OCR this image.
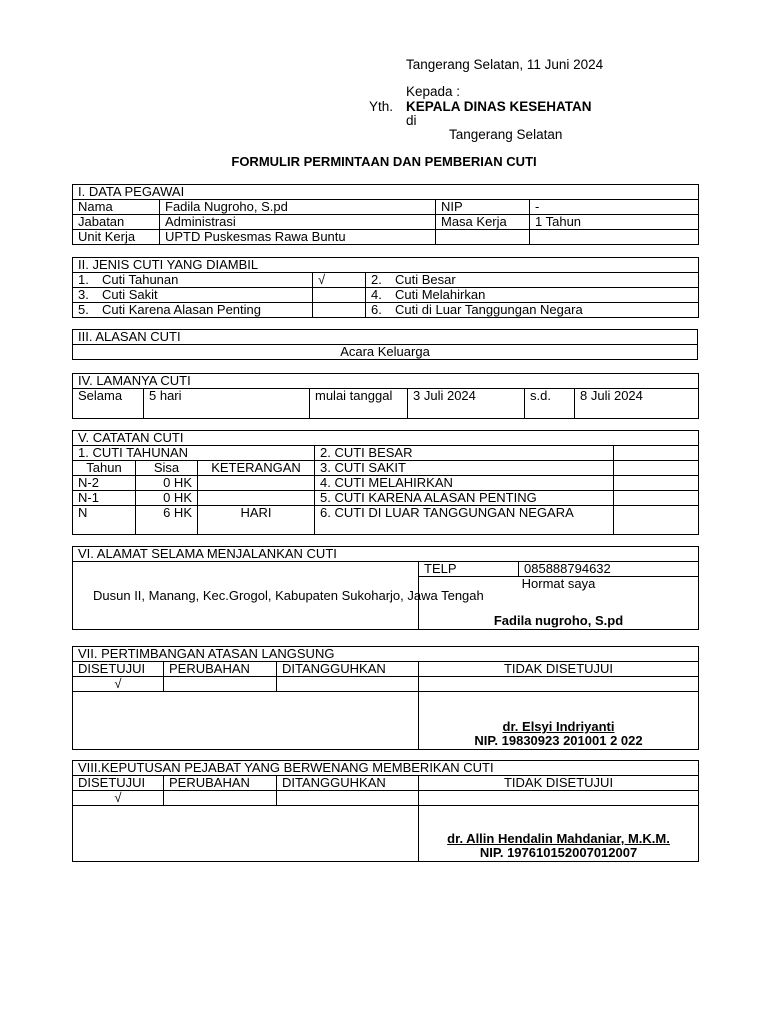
Tangerang Selatan, 11 Juni 2024
Kepada :
Yth. KEPALA DINAS KESEHATAN
di
Tangerang Selatan
FORMULIR PERMINTAAN DAN PEMBERIAN CUTI
I. DATA PEGAWAI			
Nama	Fadila Nugroho, S.pd	NIP	-
Jabatan	Administrasi	Masa Kerja	1 Tahun
Unit Kerja	UPTD Puskesmas Rawa Buntu		
II. JENIS CUTI YANG DIAMBIL		
1. Cuti Tahunan	√	2. Cuti Besar
3. Cuti Sakit		4. Cuti Melahirkan
5. Cuti Karena Alasan Penting		6. Cuti di Luar Tanggungan Negara
III. ALASAN CUTI
Acara Keluarga
IV. LAMANYA CUTI
Selama	5 hari	mulai tanggal	3 Juli 2024	s.d.	8 Juli 2024
V. CATATAN CUTI				
1. CUTI TAHUNAN			2. CUTI BESAR	
Tahun	Sisa	KETERANGAN	3. CUTI SAKIT	
N-2	0 HK		4. CUTI MELAHIRKAN	
N-1	0 HK		5. CUTI KARENA ALASAN PENTING	
N	6 HK	HARI	6. CUTI DI LUAR TANGGUNGAN NEGARA	
VI. ALAMAT SELAMA MENJALANKAN CUTI
Dusun II, Manang, Kec.Grogol, Kabupaten Sukoharjo, Jawa Tengah	TELP	085888794632

Hormat saya
Fadila nugroho, S.pd
VII. PERTIMBANGAN ATASAN LANGSUNG			
DISETUJUI	PERUBAHAN	DITANGGUHKAN	TIDAK DISETUJUI
√			

			dr. Elsyi Indriyanti
NIP. 19830923 201001 2 022
VIII.KEPUTUSAN PEJABAT YANG BERWENANG MEMBERIKAN CUTI			
DISETUJUI	PERUBAHAN	DITANGGUHKAN	TIDAK DISETUJUI
√			

			dr. Allin Hendalin Mahdaniar, M.K.M.
NIP. 197610152007012007
